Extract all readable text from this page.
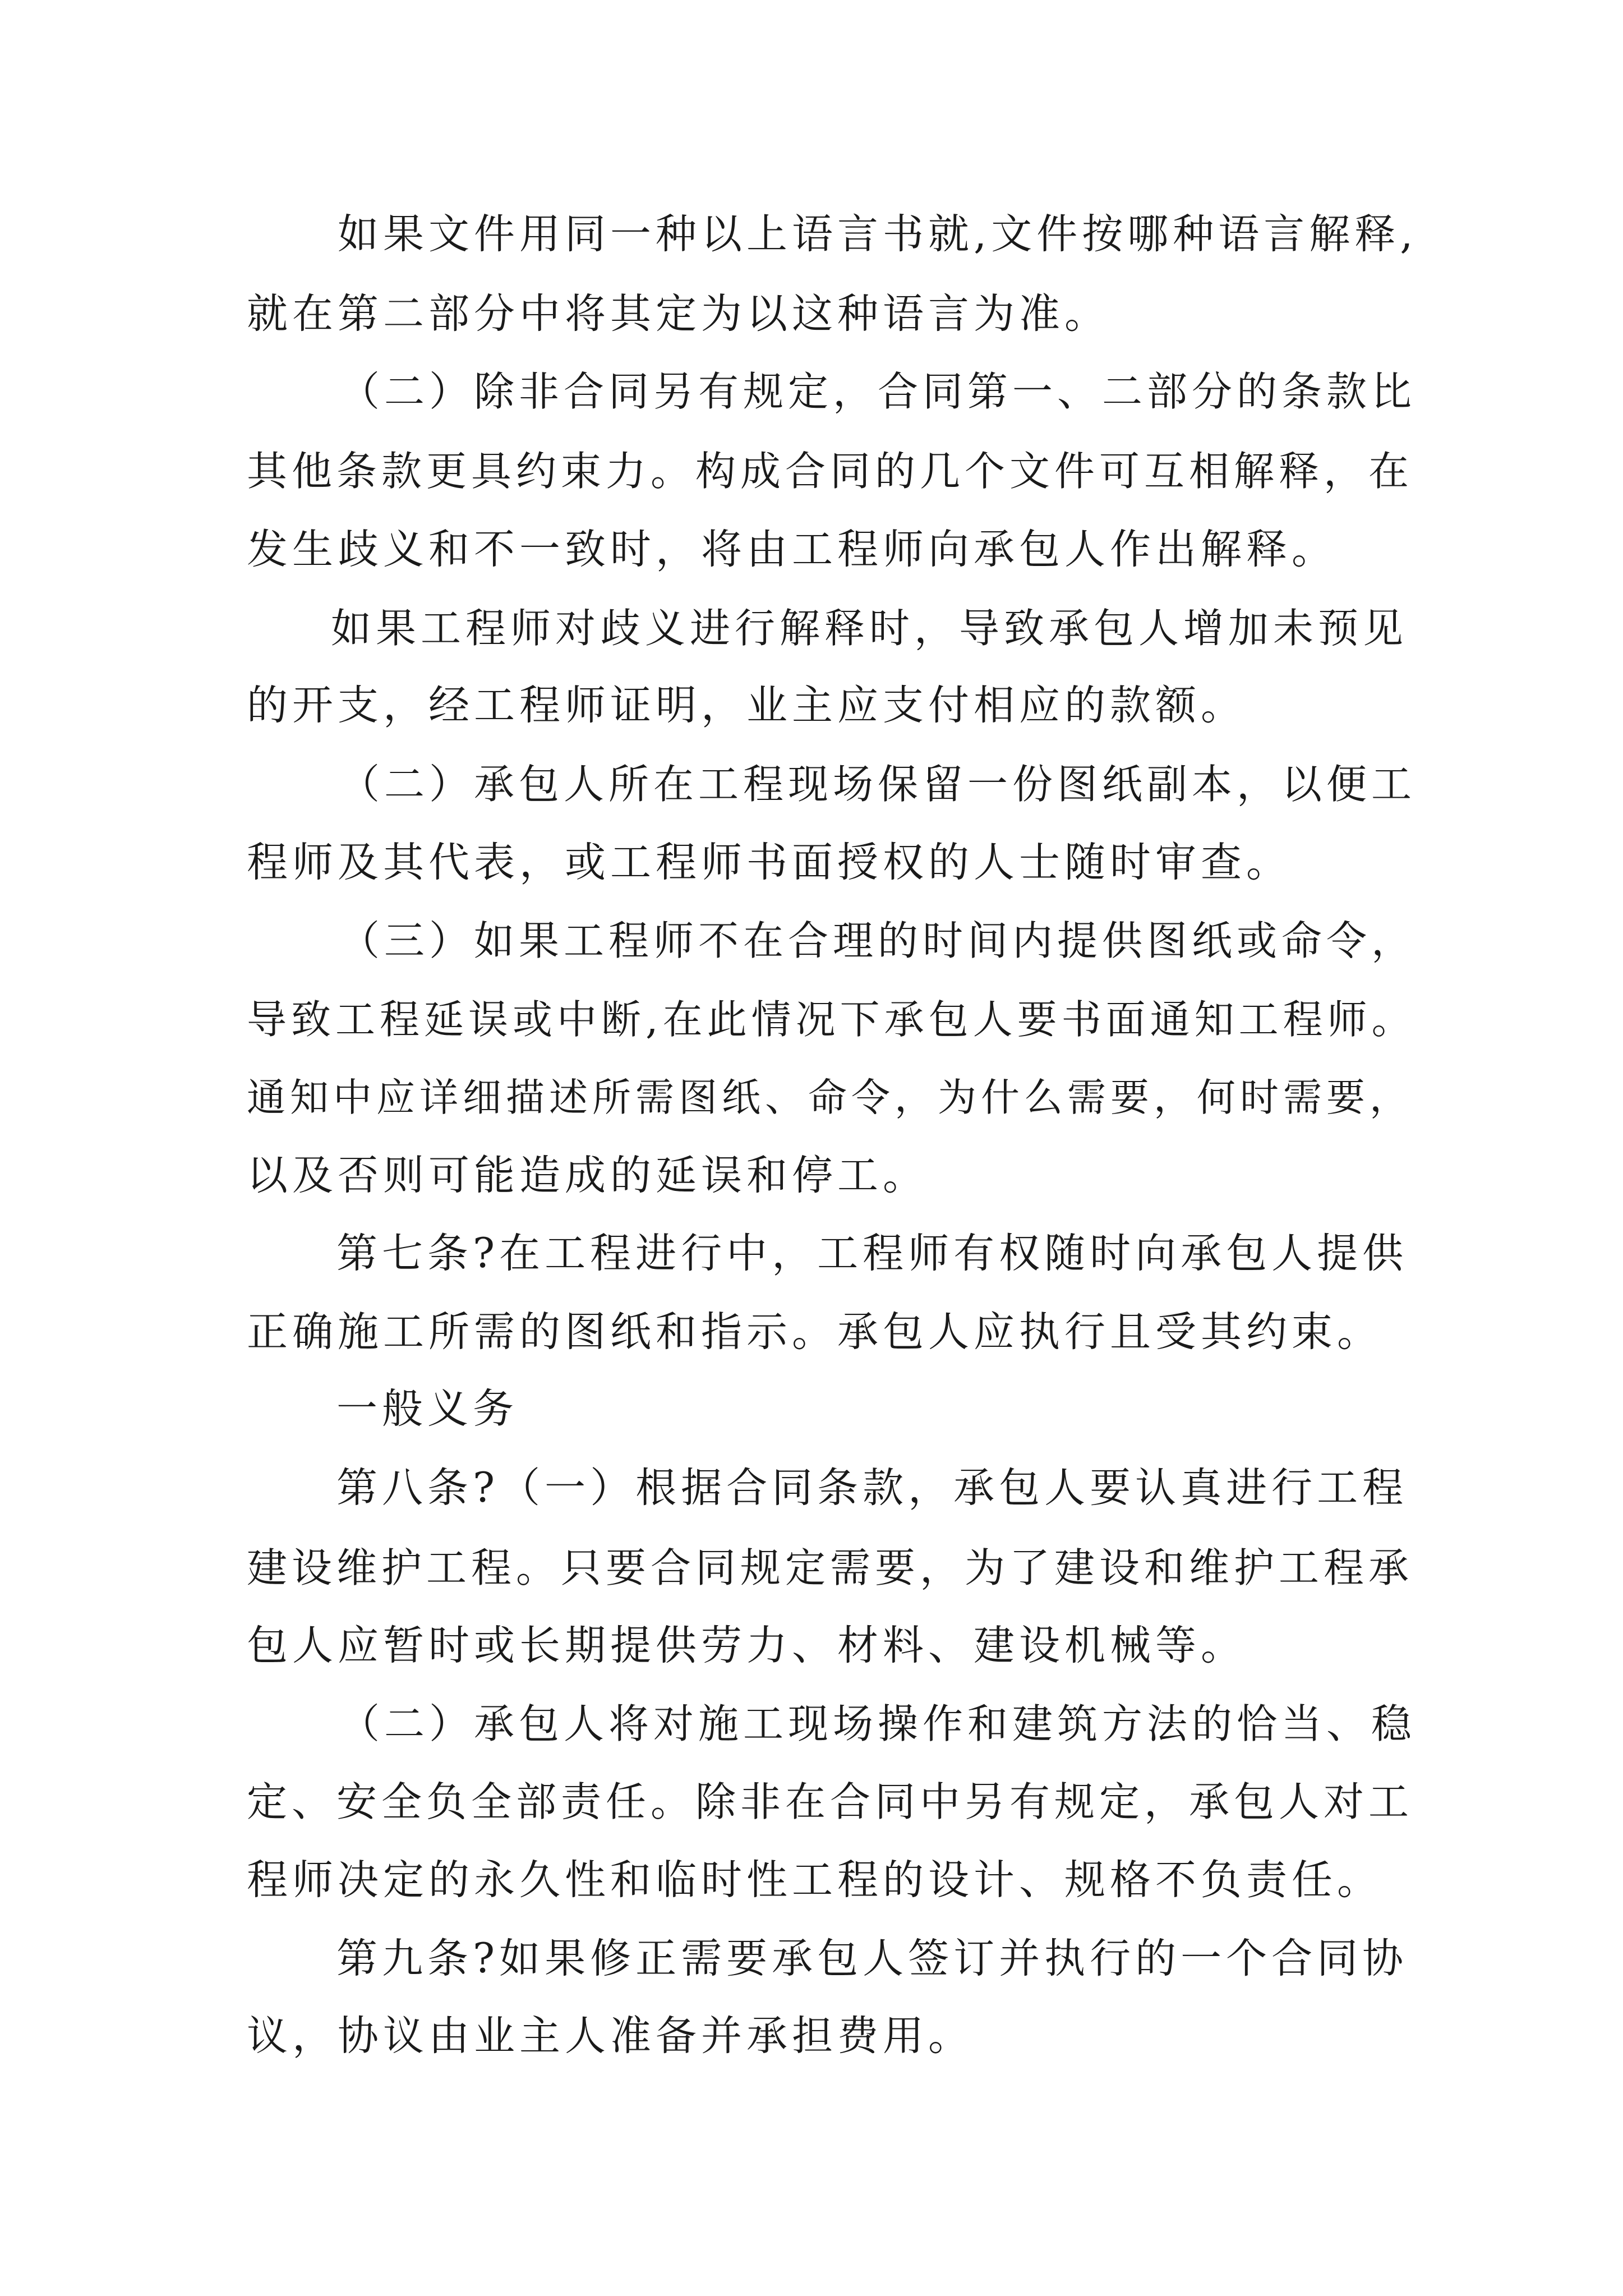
如果文件用同一种以上语言书就,文件按哪种语言解释,

就在第二部分中将其定为以这种语言为准。

（二）除非合同另有规定，合同第一、二部分的条款比

其他条款更具约束力。构成合同的几个文件可互相解释，在

发生歧义和不一致时，将由工程师向承包人作出解释。

如果工程师对歧义进行解释时，导致承包人增加未预见

的开支，经工程师证明，业主应支付相应的款额。

（二）承包人所在工程现场保留一份图纸副本，以便工

程师及其代表，或工程师书面授权的人士随时审查。

（三）如果工程师不在合理的时间内提供图纸或命令，

导致工程延误或中断,在此情况下承包人要书面通知工程师。

通知中应详细描述所需图纸、命令，为什么需要，何时需要，

以及否则可能造成的延误和停工。

第七条?在工程进行中，工程师有权随时向承包人提供

正确施工所需的图纸和指示。承包人应执行且受其约束。

一般义务

第八条?（一）根据合同条款，承包人要认真进行工程

建设维护工程。只要合同规定需要，为了建设和维护工程承

包人应暂时或长期提供劳力、材料、建设机械等。

（二）承包人将对施工现场操作和建筑方法的恰当、稳

定、安全负全部责任。除非在合同中另有规定，承包人对工

程师决定的永久性和临时性工程的设计、规格不负责任。

第九条?如果修正需要承包人签订并执行的一个合同协

议，协议由业主人准备并承担费用。
